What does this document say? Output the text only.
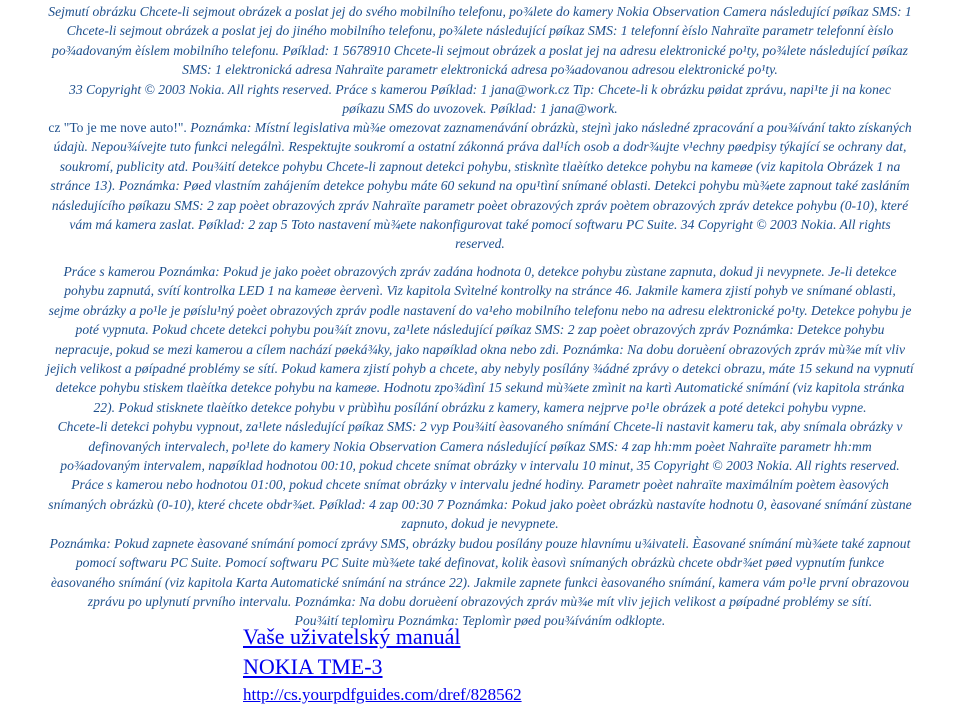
Sejmutí obrázku Chcete-li sejmout obrázek a poslat jej do svého mobilního telefonu, po¾lete do kamery Nokia Observation Camera následující pøíkaz SMS: 1
Chcete-li sejmout obrázek a poslat jej do jiného mobilního telefonu, po¾lete následující pøíkaz SMS: 1 telefonní èíslo Nahraïte parametr telefonní èíslo
po¾adovaným èíslem mobilního telefonu. Pøíklad: 1 5678910 Chcete-li sejmout obrázek a poslat jej na adresu elektronické po¹ty, po¾lete následující pøíkaz
SMS: 1 elektronická adresa Nahraïte parametr elektronická adresa po¾adovanou adresou elektronické po¹ty.
33 Copyright © 2003 Nokia. All rights reserved. Práce s kamerou Pøíklad: 1 jana@work.cz Tip: Chcete-li k obrázku pøidat zprávu, napi¹te ji na konec
pøíkazu SMS do uvozovek. Pøíklad: 1 jana@work.
cz "To je me nove auto!". Poznámka: Místní legislativa mù¾e omezovat zaznamenávání obrázkù, stejnì jako následné zpracování a pou¾ívání takto získaných
údajù. Nepou¾ívejte tuto funkci nelegálnì. Respektujte soukromí a ostatní zákonná práva dal¹ích osob a dodr¾ujte v¹echny pøedpisy týkající se ochrany dat,
soukromí, publicity atd. Pou¾ití detekce pohybu Chcete-li zapnout detekci pohybu, stisknìte tlaèítko detekce pohybu na kameøe (viz kapitola Obrázek 1 na
stránce 13). Poznámka: Pøed vlastním zahájením detekce pohybu máte 60 sekund na opu¹tìní snímané oblasti. Detekci pohybu mù¾ete zapnout také zasláním
následujícího pøíkazu SMS: 2 zap poèet obrazových zpráv Nahraïte parametr poèet obrazových zpráv poètem obrazových zpráv detekce pohybu (0-10), které
vám má kamera zaslat. Pøíklad: 2 zap 5 Toto nastavení mù¾ete nakonfigurovat také pomocí softwaru PC Suite. 34 Copyright © 2003 Nokia. All rights
reserved.
Práce s kamerou Poznámka: Pokud je jako poèet obrazových zpráv zadána hodnota 0, detekce pohybu zùstane zapnuta, dokud ji nevypnete. Je-li detekce
pohybu zapnutá, svítí kontrolka LED 1 na kameøe èervenì. Viz kapitola Svìtelné kontrolky na stránce 46. Jakmile kamera zjistí pohyb ve snímané oblasti,
sejme obrázky a po¹le je pøíslu¹ný poèet obrazových zpráv podle nastavení do va¹eho mobilního telefonu nebo na adresu elektronické po¹ty. Detekce pohybu je
poté vypnuta. Pokud chcete detekci pohybu pou¾ít znovu, za¹lete následující pøíkaz SMS: 2 zap poèet obrazových zpráv Poznámka: Detekce pohybu
nepracuje, pokud se mezi kamerou a cílem nachází pøeká¾ky, jako napøíklad okna nebo zdi. Poznámka: Na dobu doruèení obrazových zpráv mù¾e mít vliv
jejich velikost a pøípadné problémy se sítí. Pokud kamera zjistí pohyb a chcete, aby nebyly posílány ¾ádné zprávy o detekci obrazu, máte 15 sekund na vypnutí
detekce pohybu stiskem tlaèítka detekce pohybu na kameøe. Hodnotu zpo¾dìní 15 sekund mù¾ete zmìnit na kartì Automatické snímání (viz kapitola stránka
22). Pokud stisknete tlaèítko detekce pohybu v prùbìhu posílání obrázku z kamery, kamera nejprve po¹le obrázek a poté detekci pohybu vypne.
Chcete-li detekci pohybu vypnout, za¹lete následující pøíkaz SMS: 2 vyp Pou¾ití èasovaného snímání Chcete-li nastavit kameru tak, aby snímala obrázky v
definovaných intervalech, po¹lete do kamery Nokia Observation Camera následující pøíkaz SMS: 4 zap hh:mm poèet Nahraïte parametr hh:mm
po¾adovaným intervalem, napøíklad hodnotou 00:10, pokud chcete snímat obrázky v intervalu 10 minut, 35 Copyright © 2003 Nokia. All rights reserved.
Práce s kamerou nebo hodnotou 01:00, pokud chcete snímat obrázky v intervalu jedné hodiny. Parametr poèet nahraïte maximálním poètem èasových
snímaných obrázkù (0-10), které chcete obdr¾et. Pøíklad: 4 zap 00:30 7 Poznámka: Pokud jako poèet obrázkù nastavíte hodnotu 0, èasované snímání zùstane
zapnuto, dokud je nevypnete.
Poznámka: Pokud zapnete èasované snímání pomocí zprávy SMS, obrázky budou posílány pouze hlavnímu u¾ivateli. Èasované snímání mù¾ete také zapnout
pomocí softwaru PC Suite. Pomocí softwaru PC Suite mù¾ete také definovat, kolik èasovì snímaných obrázkù chcete obdr¾et pøed vypnutím funkce
èasovaného snímání (viz kapitola Karta Automatické snímání na stránce 22). Jakmile zapnete funkci èasovaného snímání, kamera vám po¹le první obrazovou
zprávu po uplynutí prvního intervalu. Poznámka: Na dobu doruèení obrazových zpráv mù¾e mít vliv jejich velikost a pøípadné problémy se sítí.
Pou¾ití teplomìru Poznámka: Teplomìr pøed pou¾íváním odklopte.
Vaše uživatelský manuál
NOKIA TME-3
http://cs.yourpdfguides.com/dref/828562
